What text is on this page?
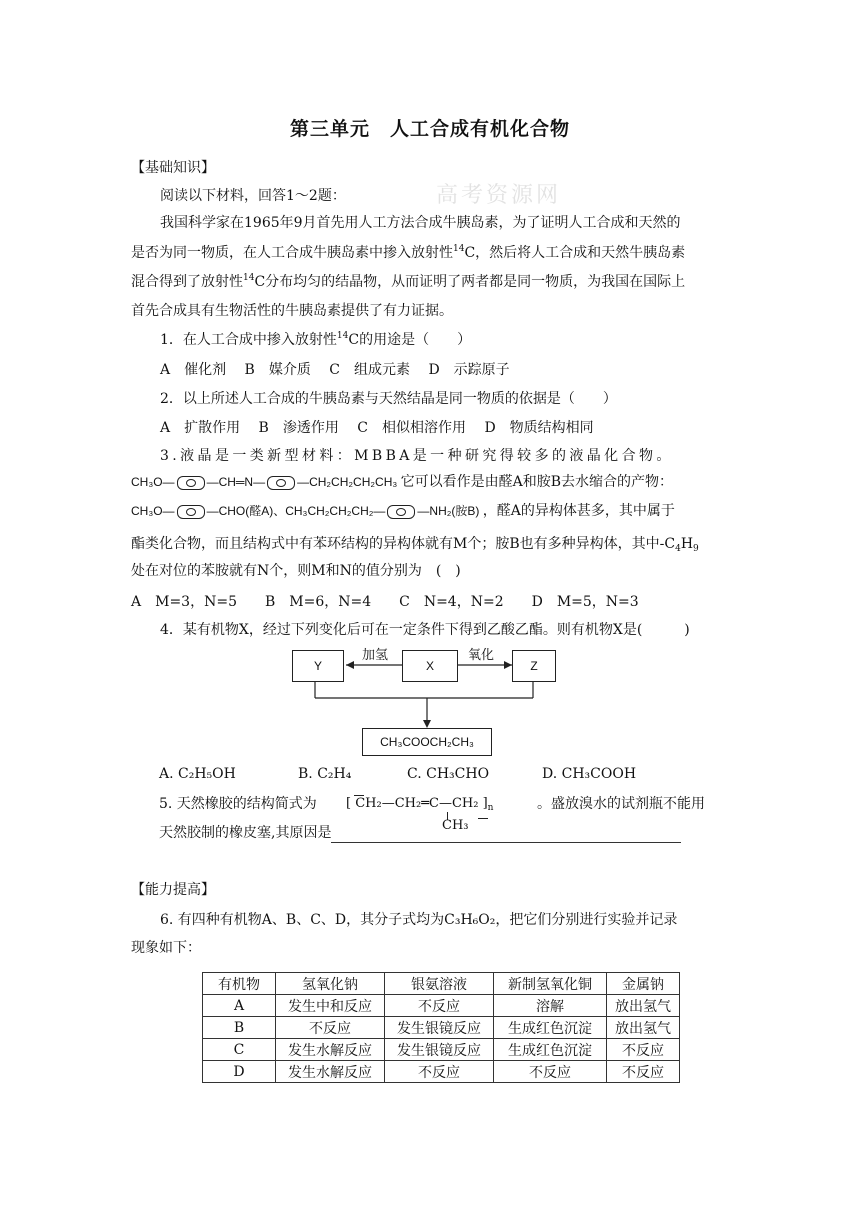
第三单元　人工合成有机化合物
高考资源网
【基础知识】
阅读以下材料，回答1～2题：
我国科学家在1965年9月首先用人工方法合成牛胰岛素，为了证明人工合成和天然的
是否为同一物质，在人工合成牛胰岛素中掺入放射性$^{14}$C，然后将人工合成和天然牛胰岛素
混合得到了放射性$^{14}$C分布均匀的结晶物，从而证明了两者都是同一物质，为我国在国际上
首先合成具有生物活性的牛胰岛素提供了有力证据。
1．在人工合成中掺入放射性$^{14}$C的用途是（　　）
A　催化剂　 B　媒介质　 C　组成元素　 D　示踪原子
2．以上所述人工合成的牛胰岛素与天然结晶是同一物质的依据是（　　）
A　扩散作用　 B　渗透作用　 C　相似相溶作用　 D　物质结构相同
3.液晶是一类新型材料：MBBA是一种研究得较多的液晶化合物。
CH₃O—	—CH═N—	—CH₂CH₂CH₂CH₃ 它可以看作是由醛A和胺B去水缩合的产物：
CH₃O—	—CHO(醛A)、CH₃CH₂CH₂CH₂—	—NH₂(胺B) ，醛A的异构体甚多，其中属于
酯类化合物，而且结构式中有苯环结构的异构体就有M个；胺B也有多种异构体，其中$-C_4H_9$
处在对位的苯胺就有N个，则M和N的值分别为　(　)
A　M=3，N=5　　B　M=6，N=4　　C　N=4，N=2　　D　M=5，N=3
4．某有机物X，经过下列变化后可在一定条件下得到乙酸乙酯。则有机物X是(　　　)
Y	X	Z
加氢	氧化
CH₃COOCH₂CH₃
A. C₂H₅OH	B. C₂H₄	C. CH₃CHO	D. CH₃COOH
5. 天然橡胶的结构简式为 [ CH₂—CH₂═C—CH₂ ]$_n$
CH₃
。盛放溴水的试剂瓶不能用
天然胶制的橡皮塞,其原因是
【能力提高】
6. 有四种有机物A、B、C、D，其分子式均为C₃H₆O₂，把它们分别进行实验并记录
现象如下：
有机物	氢氧化钠	银氨溶液	新制氢氧化铜	金属钠
A	发生中和反应	不反应	溶解	放出氢气
B	不反应	发生银镜反应	生成红色沉淀	放出氢气
C	发生水解反应	发生银镜反应	生成红色沉淀	不反应
D	发生水解反应	不反应	不反应	不反应
